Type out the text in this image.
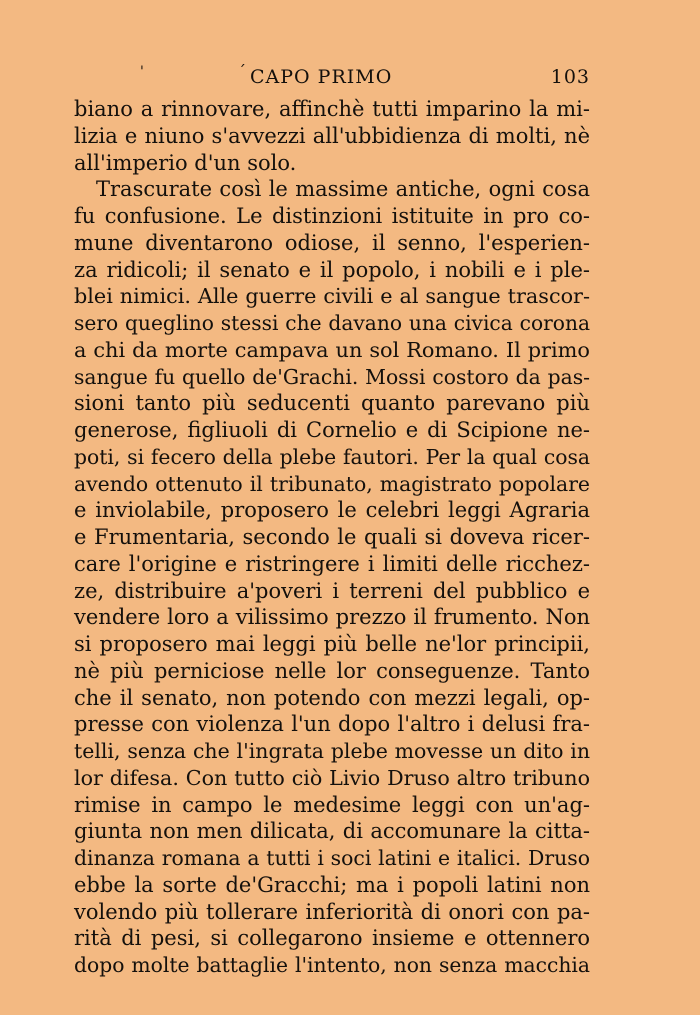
'	´ CAPO PRIMO	103
biano a rinnovare, affinchè tutti imparino la mi-
lizia e niuno s'avvezzi all'ubbidienza di molti, nè
all'imperio d'un solo.
Trascurate così le massime antiche, ogni cosa
fu confusione. Le distinzioni istituite in pro co-
mune diventarono odiose, il senno, l'esperien-
za ridicoli; il senato e il popolo, i nobili e i ple-
blei nimici. Alle guerre civili e al sangue trascor-
sero queglino stessi che davano una civica corona
a chi da morte campava un sol Romano. Il primo
sangue fu quello de'Grachi. Mossi costoro da pas-
sioni tanto più seducenti quanto parevano più
generose, figliuoli di Cornelio e di Scipione ne-
poti, si fecero della plebe fautori. Per la qual cosa
avendo ottenuto il tribunato, magistrato popolare
e inviolabile, proposero le celebri leggi Agraria
e Frumentaria, secondo le quali si doveva ricer-
care l'origine e ristringere i limiti delle ricchez-
ze, distribuire a'poveri i terreni del pubblico e
vendere loro a vilissimo prezzo il frumento. Non
si proposero mai leggi più belle ne'lor principii,
nè più perniciose nelle lor conseguenze. Tanto
che il senato, non potendo con mezzi legali, op-
presse con violenza l'un dopo l'altro i delusi fra-
telli, senza che l'ingrata plebe movesse un dito in
lor difesa. Con tutto ciò Livio Druso altro tribuno
rimise in campo le medesime leggi con un'ag-
giunta non men dilicata, di accomunare la citta-
dinanza romana a tutti i soci latini e italici. Druso
ebbe la sorte de'Gracchi; ma i popoli latini non
volendo più tollerare inferiorità di onori con pa-
rità di pesi, si collegarono insieme e ottennero
dopo molte battaglie l'intento, non senza macchia
